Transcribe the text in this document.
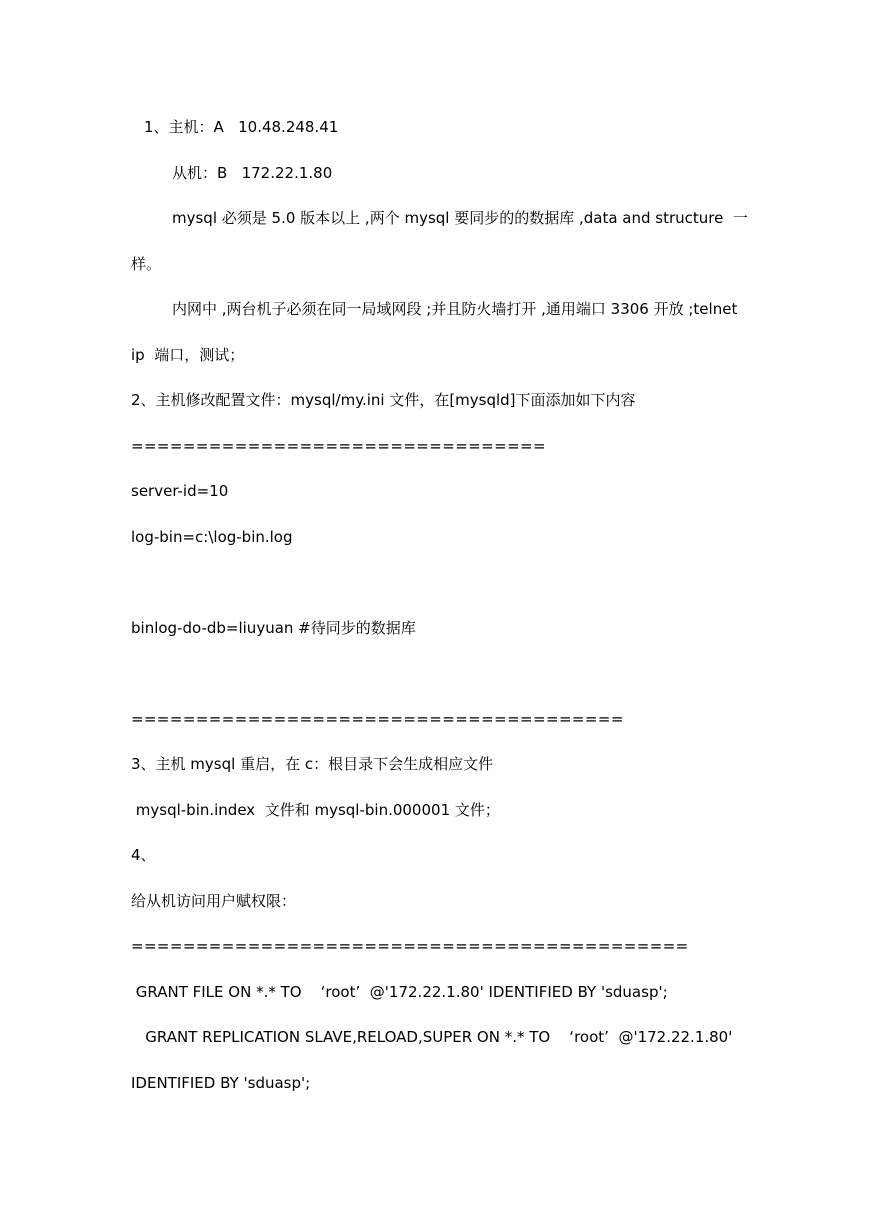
1、主机：A   10.48.248.41
从机：B   172.22.1.80
mysql 必须是 5.0 版本以上 ,两个 mysql 要同步的的数据库 ,data and structure  一
样。
内网中 ,两台机子必须在同一局域网段 ;并且防火墙打开 ,通用端口 3306 开放 ;telnet
ip  端口，测试；
2、主机修改配置文件：mysql/my.ini 文件，在[mysqld]下面添加如下内容
================================
server-id=10
log-bin=c:\log-bin.log
binlog-do-db=liuyuan #待同步的数据库
======================================
3、主机 mysql 重启，在 c：根目录下会生成相应文件
mysql-bin.index  文件和 mysql-bin.000001 文件；
4、
给从机访问用户赋权限：
===========================================
GRANT FILE ON *.* TO    ‘root’  @'172.22.1.80' IDENTIFIED BY 'sduasp';
GRANT REPLICATION SLAVE,RELOAD,SUPER ON *.* TO    ‘root’  @'172.22.1.80'
IDENTIFIED BY 'sduasp';
